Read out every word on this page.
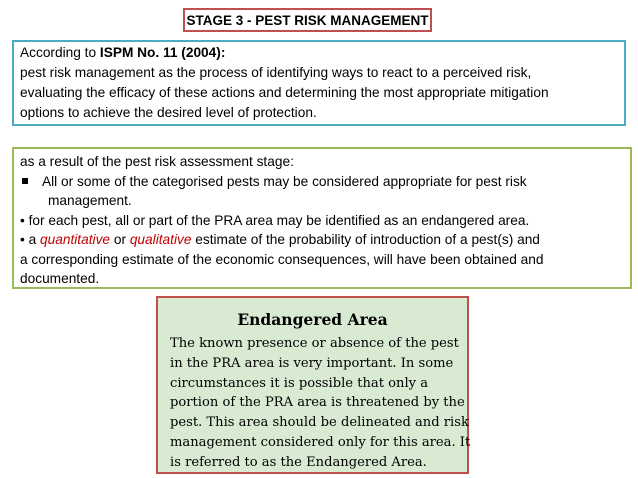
STAGE 3 - PEST RISK MANAGEMENT
According to ISPM No. 11 (2004):
pest risk management as the process of identifying ways to react to a perceived risk,
evaluating the efficacy of these actions and determining the most appropriate mitigation
options to achieve the desired level of protection.
as a result of the pest risk assessment stage:
All or some of the categorised pests may be considered appropriate for pest risk
management.
• for each pest, all or part of the PRA area may be identified as an endangered area.
• a quantitative or qualitative estimate of the probability of introduction of a pest(s) and
a corresponding estimate of the economic consequences, will have been obtained and
documented.
Endangered Area
The known presence or absence of the pest
in the PRA area is very important. In some
circumstances it is possible that only a
portion of the PRA area is threatened by the
pest. This area should be delineated and risk
management considered only for this area. It
is referred to as the Endangered Area.
